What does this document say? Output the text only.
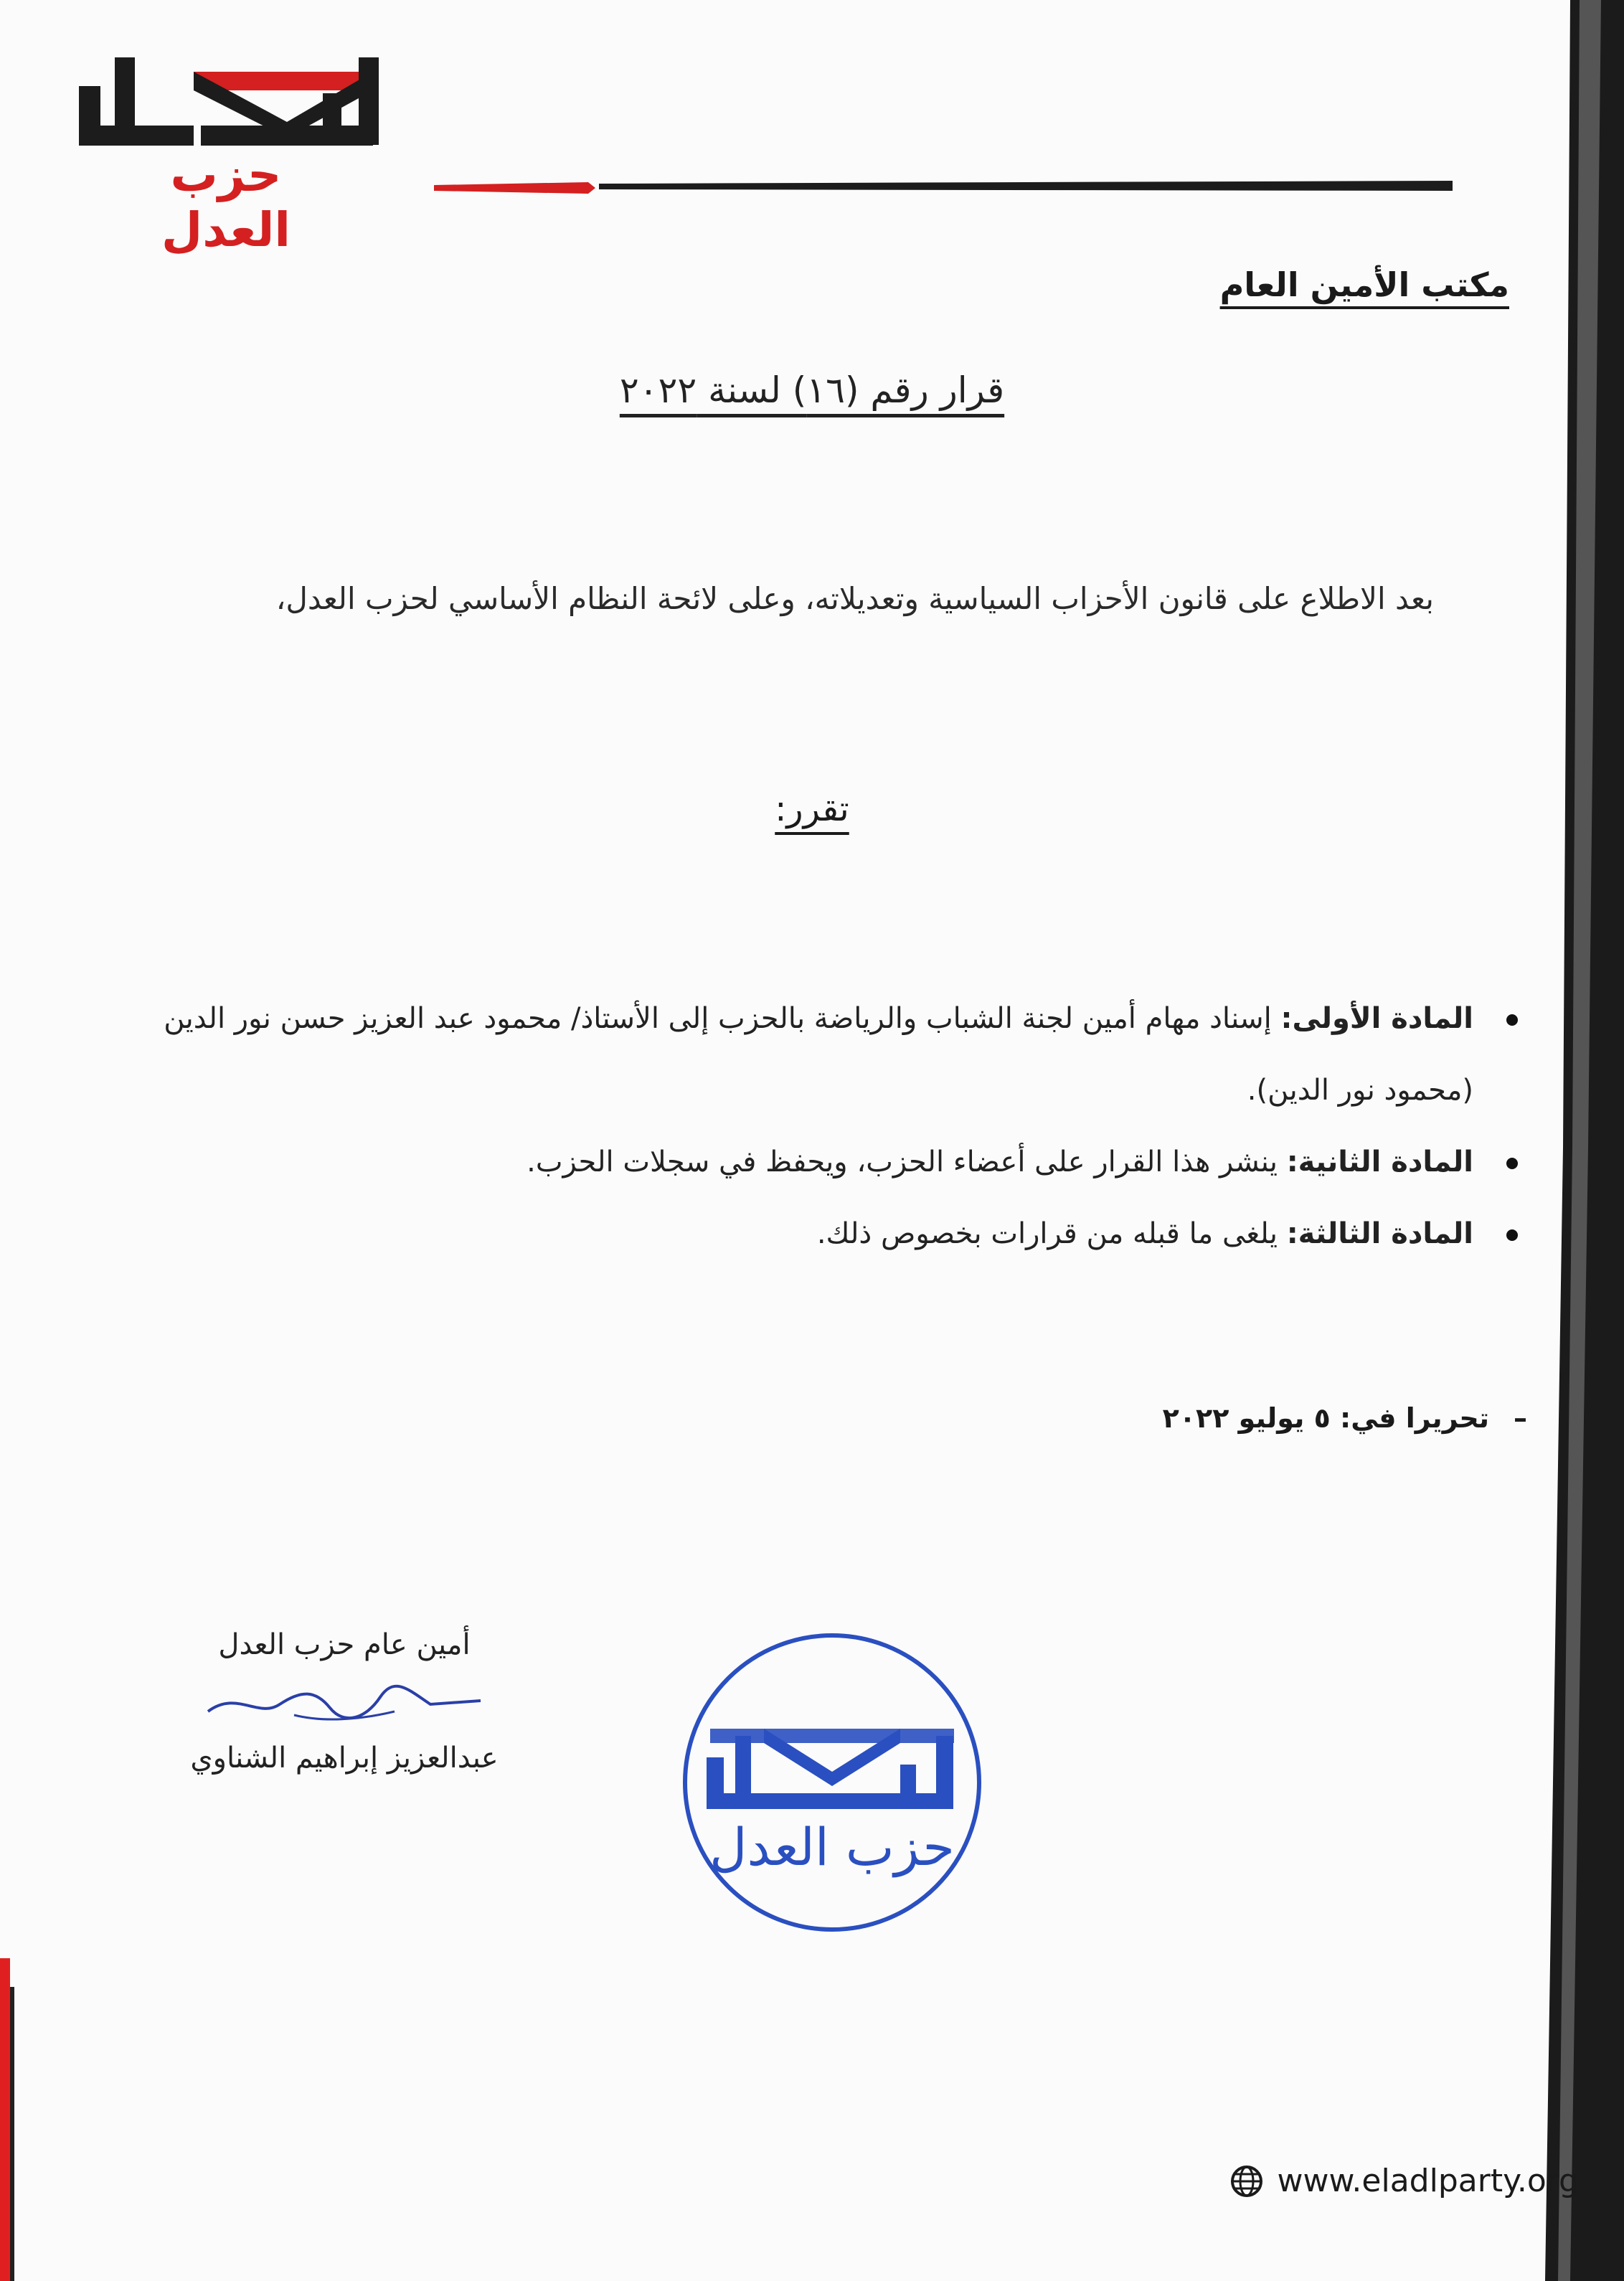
حزب العدل
مكتب الأمين العام
قرار رقم (١٦) لسنة ٢٠٢٢
بعد الاطلاع على قانون الأحزاب السياسية وتعديلاته، وعلى لائحة النظام الأساسي لحزب العدل،
تقرر:
المادة الأولى: إسناد مهام أمين لجنة الشباب والرياضة بالحزب إلى الأستاذ/ محمود عبد العزيز حسن نور الدين (محمود نور الدين).
المادة الثانية: ينشر هذا القرار على أعضاء الحزب، ويحفظ في سجلات الحزب.
المادة الثالثة: يلغى ما قبله من قرارات بخصوص ذلك.
–تحريرا في: ٥ يوليو ٢٠٢٢
أمين عام حزب العدل
عبدالعزيز إبراهيم الشناوي
حزب العدل
www.eladlparty.org
